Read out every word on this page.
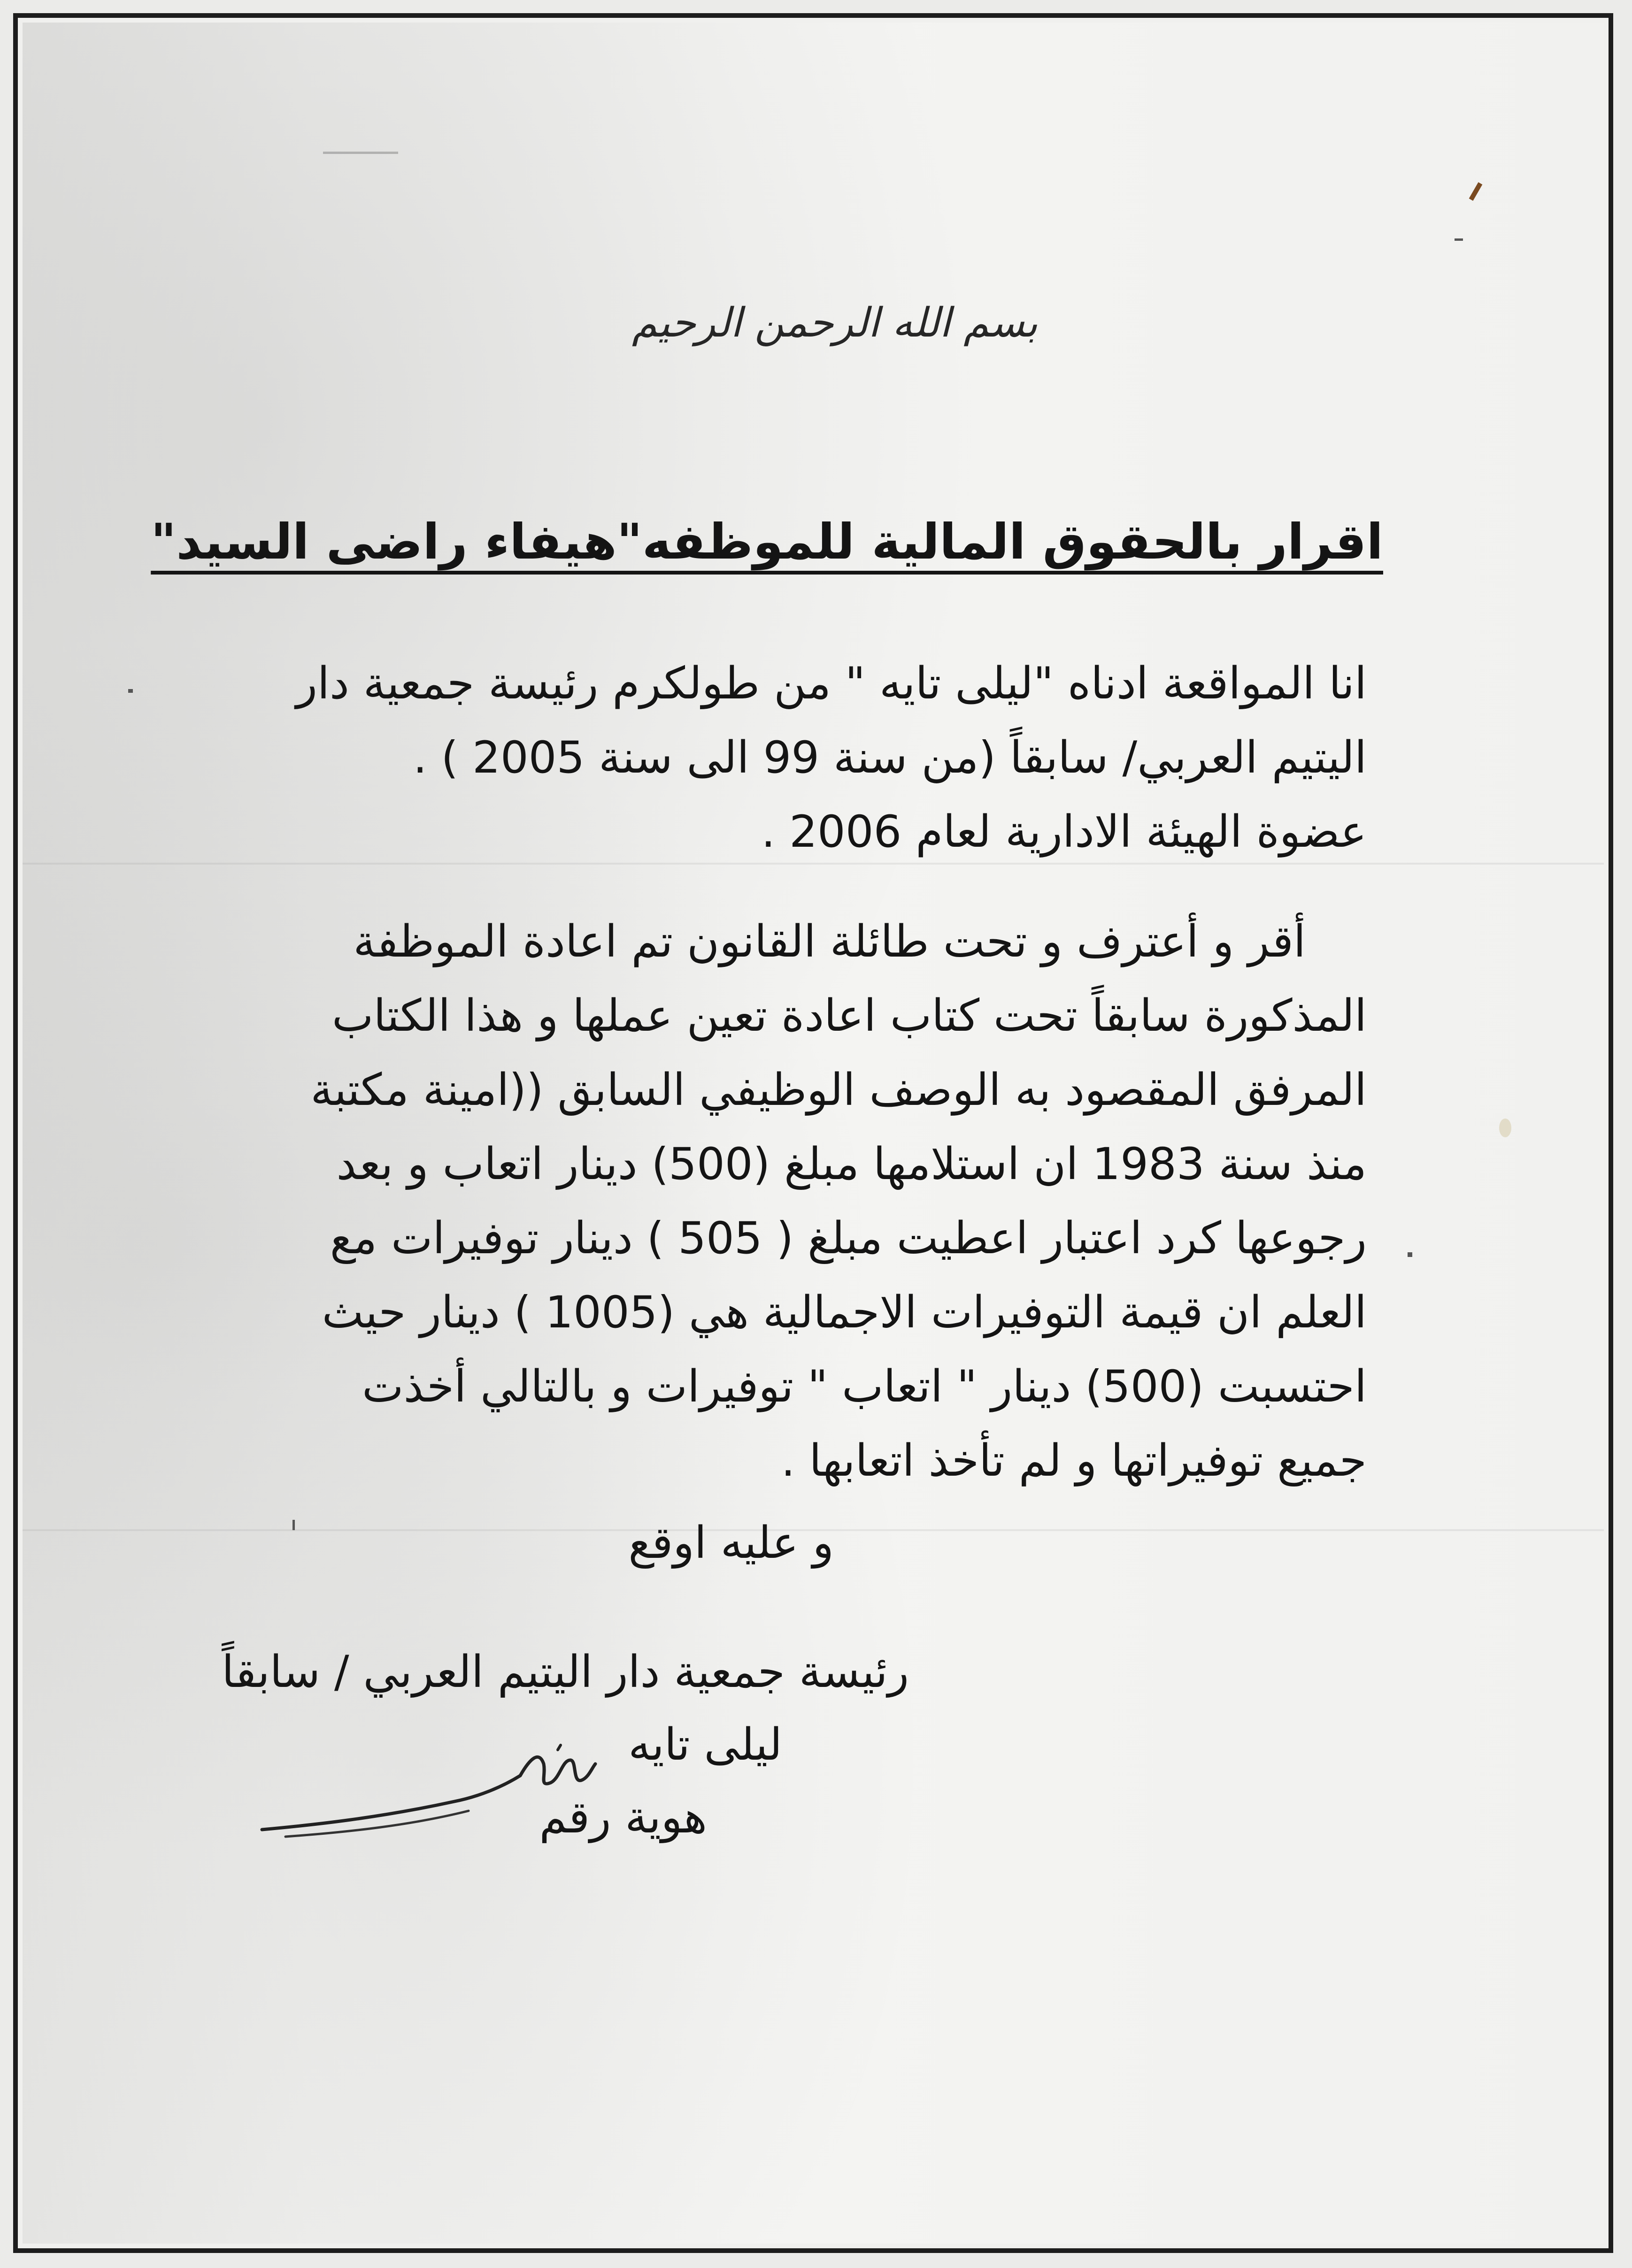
بسم الله الرحمن الرحيم
اقرار بالحقوق المالية للموظفه"هيفاء راضى السيد"
انا المواقعة ادناه "ليلى تايه " من طولكرم رئيسة جمعية دار
اليتيم العربي/ سابقاً (من سنة 99 الى سنة 2005 ) .
عضوة الهيئة الادارية لعام 2006 .
أقر و أعترف و تحت طائلة القانون تم اعادة الموظفة
المذكورة سابقاً تحت كتاب اعادة تعين عملها و هذا الكتاب
المرفق المقصود به الوصف الوظيفي السابق ((امينة مكتبة
منذ سنة 1983 ان استلامها مبلغ (500) دينار اتعاب و بعد
رجوعها كرد اعتبار اعطيت مبلغ ( 505 ) دينار توفيرات مع
العلم ان قيمة التوفيرات الاجمالية هي (1005 ) دينار حيث
احتسبت (500) دينار " اتعاب " توفيرات و بالتالي أخذت
جميع توفيراتها و لم تأخذ اتعابها .
و عليه اوقع
رئيسة جمعية دار اليتيم العربي / سابقاً
ليلى تايه
هوية رقم
